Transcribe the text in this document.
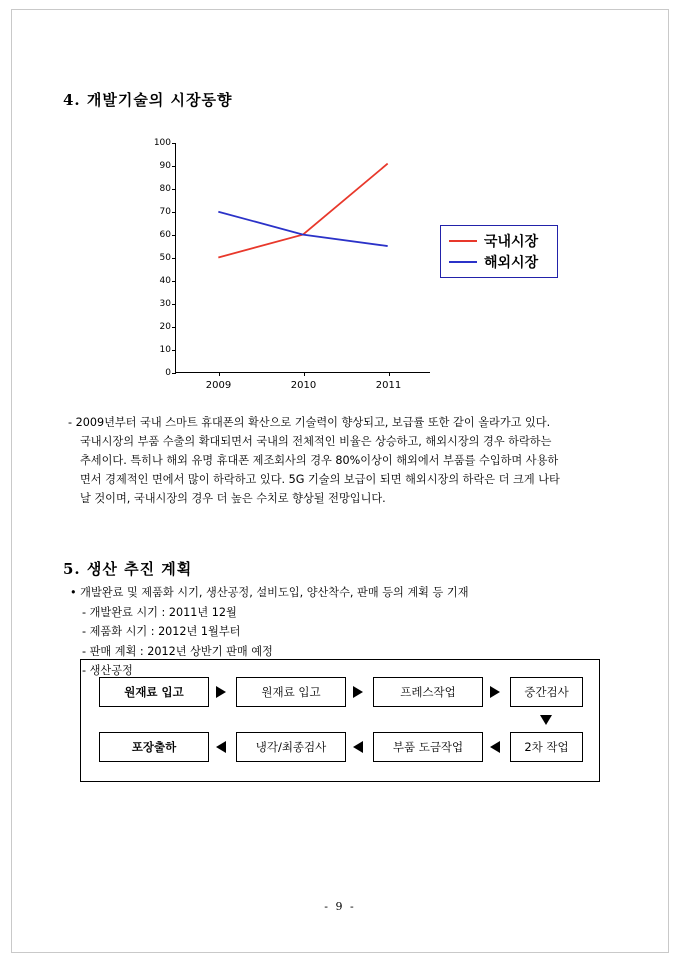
4. 개발기술의 시장동향
0
10
20
30
40
50
60
70
80
90
100
2009	2010	2011
국내시장
해외시장

- 2009년부터 국내 스마트 휴대폰의 확산으로 기술력이 향상되고, 보급률 또한 같이 올라가고 있다.

국내시장의 부품 수출의 확대되면서 국내의 전체적인 비율은 상승하고, 해외시장의 경우 하락하는

추세이다. 특히나 해외 유명 휴대폰 제조회사의 경우 80%이상이 해외에서 부품를 수입하며 사용하

면서 경제적인 면에서 많이 하락하고 있다. 5G 기술의 보급이 되면 해외시장의 하락은 더 크게 나타

날 것이며, 국내시장의 경우 더 높은 수치로 향상될 전망입니다.

5. 생산 추진 계획
• 개발완료 및 제품화 시기, 생산공정, 설비도입, 양산착수, 판매 등의 계획 등 기재
- 개발완료 시기 : 2011년 12월
- 제품화 시기 : 2012년 1월부터
- 판매 계획 : 2012년 상반기 판매 예정
- 생산공정
원재료 입고	원재료 입고	프레스작업	중간검사
포장출하	냉각/최종검사	부품 도금작업	2차 작업
- 9 -
